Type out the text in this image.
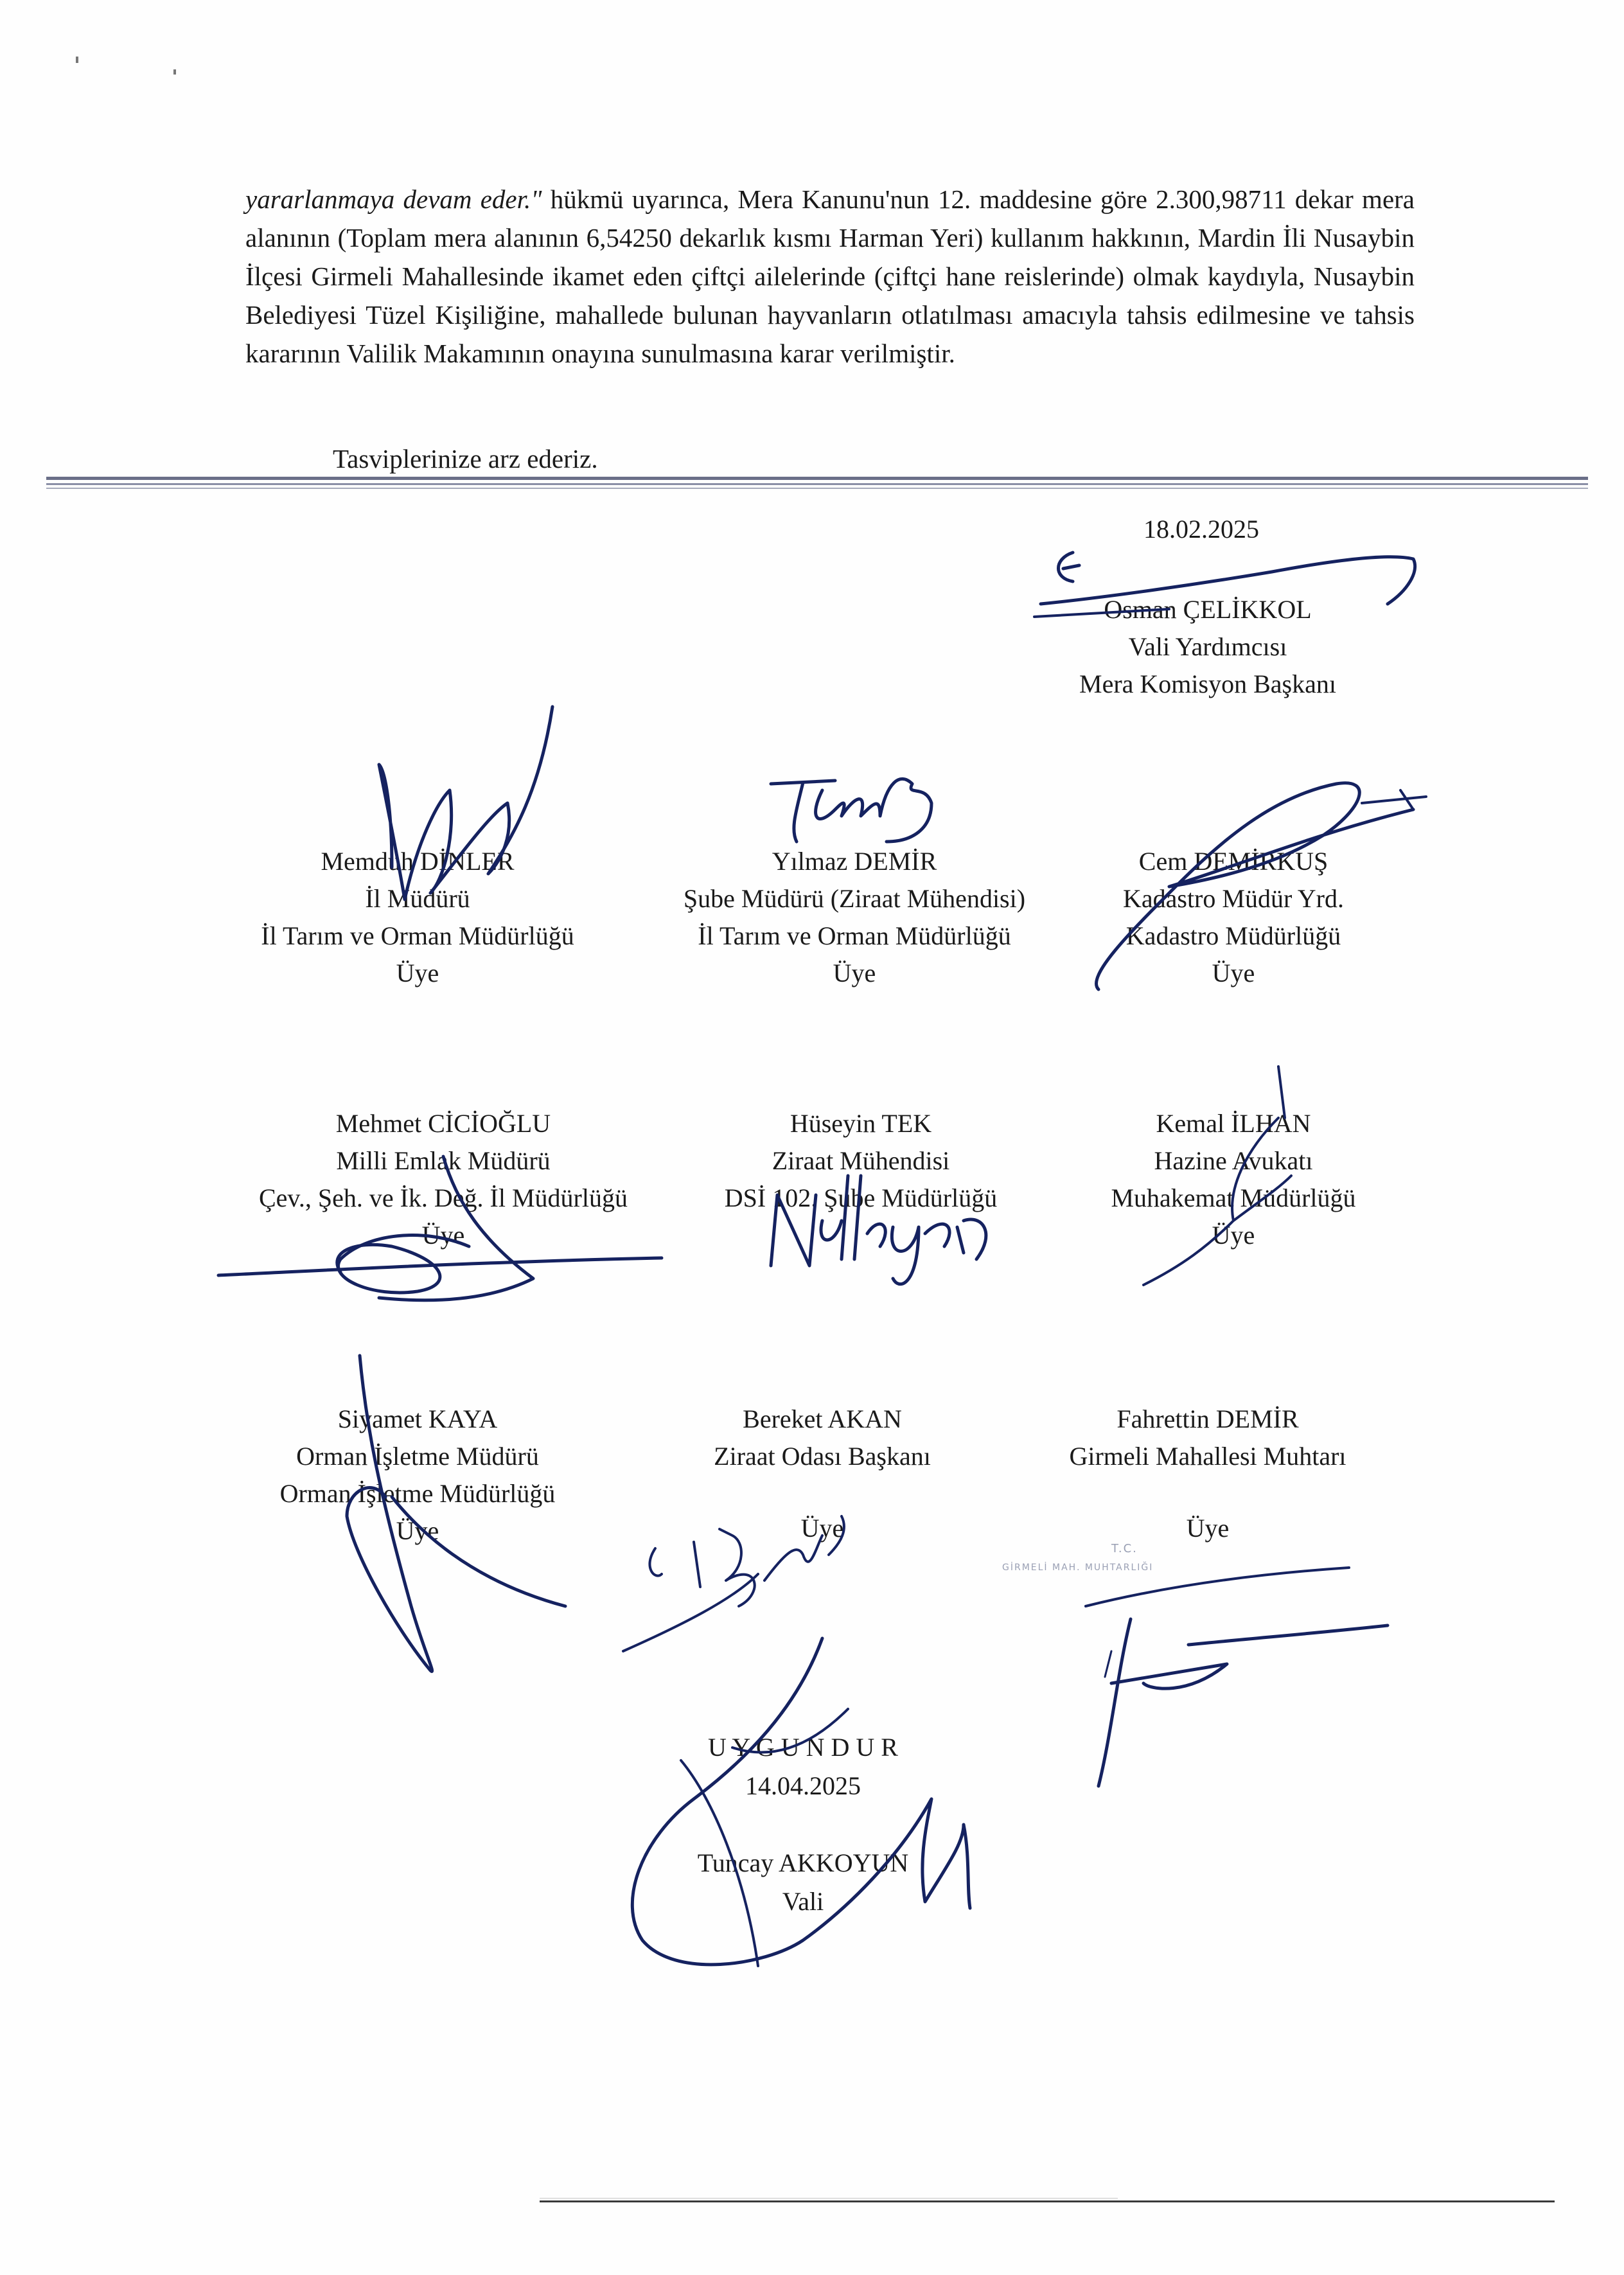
yararlanmaya devam eder." hükmü uyarınca, Mera Kanunu'nun 12. maddesine göre 2.300,98711 dekar mera alanının (Toplam mera alanının 6,54250 dekarlık kısmı Harman Yeri) kullanım hakkının, Mardin İli Nusaybin İlçesi Girmeli Mahallesinde ikamet eden çiftçi ailelerinde (çiftçi hane reislerinde) olmak kaydıyla, Nusaybin Belediyesi Tüzel Kişiliğine, mahallede bulunan hayvanların otlatılması amacıyla tahsis edilmesine ve tahsis kararının Valilik Makamının onayına sunulmasına karar verilmiştir.
Tasviplerinize arz ederiz.
18.02.2025
Osman ÇELİKKOL
Vali Yardımcısı
Mera Komisyon Başkanı
Memduh DİNLER
İl Müdürü
İl Tarım ve Orman Müdürlüğü
Üye
Yılmaz DEMİR
Şube Müdürü (Ziraat Mühendisi)
İl Tarım ve Orman Müdürlüğü
Üye
Cem DEMİRKUŞ
Kadastro Müdür Yrd.
Kadastro Müdürlüğü
Üye
Mehmet CİCİOĞLU
Milli Emlak Müdürü
Çev., Şeh. ve İk. Değ. İl Müdürlüğü
Üye
Hüseyin TEK
Ziraat Mühendisi
DSİ 102. Şube Müdürlüğü
Kemal İLHAN
Hazine Avukatı
Muhakemat Müdürlüğü
Üye
Siyamet KAYA
Orman İşletme Müdürü
Orman İşletme Müdürlüğü
Üye
Bereket AKAN
Ziraat Odası Başkanı
Üye
Fahrettin DEMİR
Girmeli Mahallesi Muhtarı
Üye
T.C.
GİRMELİ MAH. MUHTARLIĞI
U Y G U N D U R
14.04.2025
Tuncay AKKOYUN
Vali
